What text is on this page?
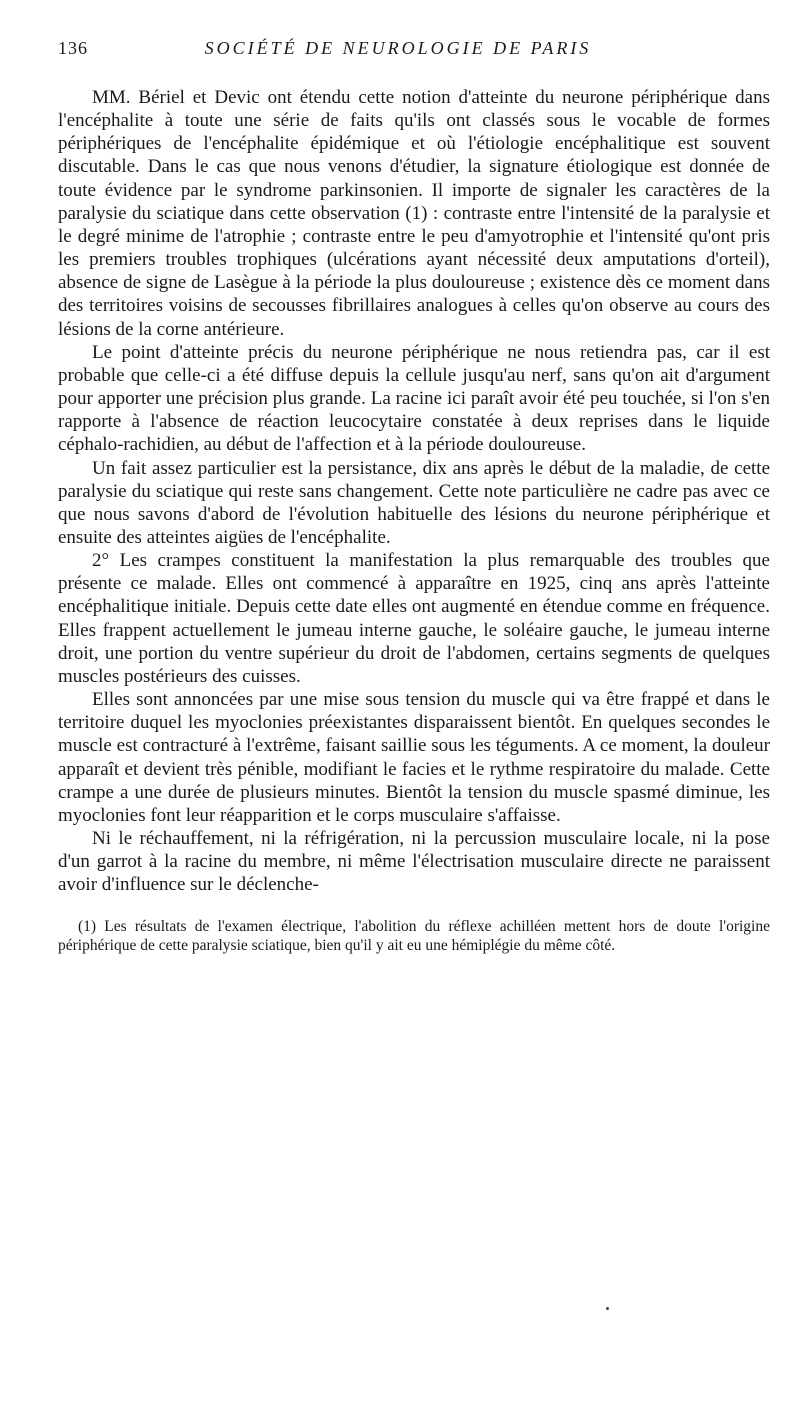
136	SOCIÉTÉ DE NEUROLOGIE DE PARIS

MM. Bériel et Devic ont étendu cette notion d'atteinte du neurone périphérique dans l'encéphalite à toute une série de faits qu'ils ont classés sous le vocable de formes périphériques de l'encéphalite épidémique et où l'étiologie encéphalitique est souvent discutable. Dans le cas que nous venons d'étudier, la signature étiologique est donnée de toute évidence par le syndrome parkinsonien. Il importe de signaler les caractères de la paralysie du sciatique dans cette observation (1) : contraste entre l'intensité de la paralysie et le degré minime de l'atrophie ; contraste entre le peu d'amyotrophie et l'intensité qu'ont pris les premiers troubles trophiques (ulcérations ayant nécessité deux amputations d'orteil), absence de signe de Lasègue à la période la plus douloureuse ; existence dès ce moment dans des territoires voisins de secousses fibrillaires analogues à celles qu'on observe au cours des lésions de la corne antérieure.

Le point d'atteinte précis du neurone périphérique ne nous retiendra pas, car il est probable que celle-ci a été diffuse depuis la cellule jusqu'au nerf, sans qu'on ait d'argument pour apporter une précision plus grande. La racine ici paraît avoir été peu touchée, si l'on s'en rapporte à l'absence de réaction leucocytaire constatée à deux reprises dans le liquide céphalo-rachidien, au début de l'affection et à la période douloureuse.

Un fait assez particulier est la persistance, dix ans après le début de la maladie, de cette paralysie du sciatique qui reste sans changement. Cette note particulière ne cadre pas avec ce que nous savons d'abord de l'évolution habituelle des lésions du neurone périphérique et ensuite des atteintes aigües de l'encéphalite.

2° Les crampes constituent la manifestation la plus remarquable des troubles que présente ce malade. Elles ont commencé à apparaître en 1925, cinq ans après l'atteinte encéphalitique initiale. Depuis cette date elles ont augmenté en étendue comme en fréquence. Elles frappent actuellement le jumeau interne gauche, le soléaire gauche, le jumeau interne droit, une portion du ventre supérieur du droit de l'abdomen, certains segments de quelques muscles postérieurs des cuisses.

Elles sont annoncées par une mise sous tension du muscle qui va être frappé et dans le territoire duquel les myoclonies préexistantes disparaissent bientôt. En quelques secondes le muscle est contracturé à l'extrême, faisant saillie sous les téguments. A ce moment, la douleur apparaît et devient très pénible, modifiant le facies et le rythme respiratoire du malade. Cette crampe a une durée de plusieurs minutes. Bientôt la tension du muscle spasmé diminue, les myoclonies font leur réapparition et le corps musculaire s'affaisse.

Ni le réchauffement, ni la réfrigération, ni la percussion musculaire locale, ni la pose d'un garrot à la racine du membre, ni même l'électrisation musculaire directe ne paraissent avoir d'influence sur le déclenche-

(1) Les résultats de l'examen électrique, l'abolition du réflexe achilléen mettent hors de doute l'origine périphérique de cette paralysie sciatique, bien qu'il y ait eu une hémiplégie du même côté.
